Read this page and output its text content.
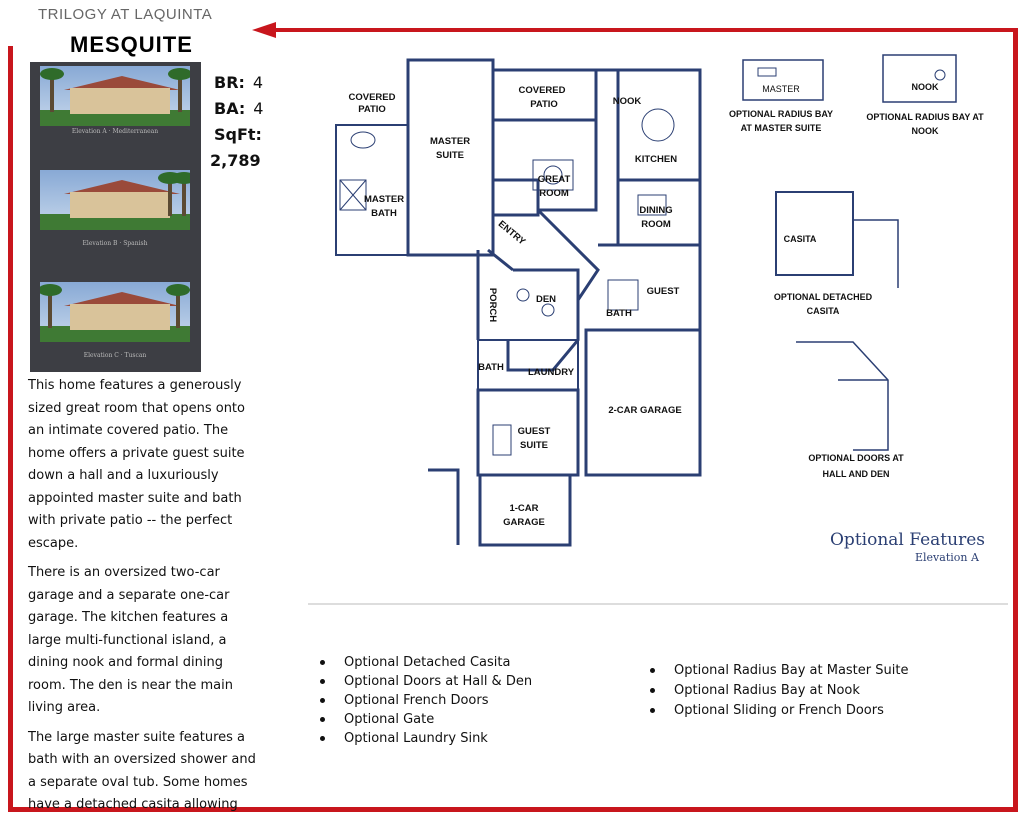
TRILOGY AT LAQUINTA
MESQUITE
Elevation A · Mediterranean
Elevation B · Spanish
Elevation C · Tuscan
BR: 4
BA: 4
SqFt:
2,789

This home features a generously sized great room that opens onto an intimate covered patio. The home offers a private guest suite down a hall and a luxuriously appointed master suite and bath with private patio -- the perfect escape.

There is an oversized two-car garage and a separate one-car garage. The kitchen features a large multi-functional island, a dining nook and formal dining room. The den is near the main living area.

The large master suite features a bath with an oversized shower and a separate oval tub. Some homes have a detached casita allowing

COVERED
PATIO
MASTER
SUITE
COVERED
PATIO	NOOK
KITCHEN
GREAT
ROOM
MASTER
BATH
ENTRY
DINING
ROOM
PORCH	DEN
GUEST
BATH
BATH	LAUNDRY
2-CAR GARAGE
GUEST
SUITE
1-CAR
GARAGE
MASTER
OPTIONAL RADIUS BAY
AT MASTER SUITE
NOOK
OPTIONAL RADIUS BAY AT
NOOK
CASITA
OPTIONAL DETACHED
CASITA
OPTIONAL DOORS AT
HALL AND DEN
Optional Features
Elevation A
Optional Detached Casita
Optional Doors at Hall & Den
Optional French Doors
Optional Gate
Optional Laundry Sink
Optional Radius Bay at Master Suite
Optional Radius Bay at Nook
Optional Sliding or French Doors
